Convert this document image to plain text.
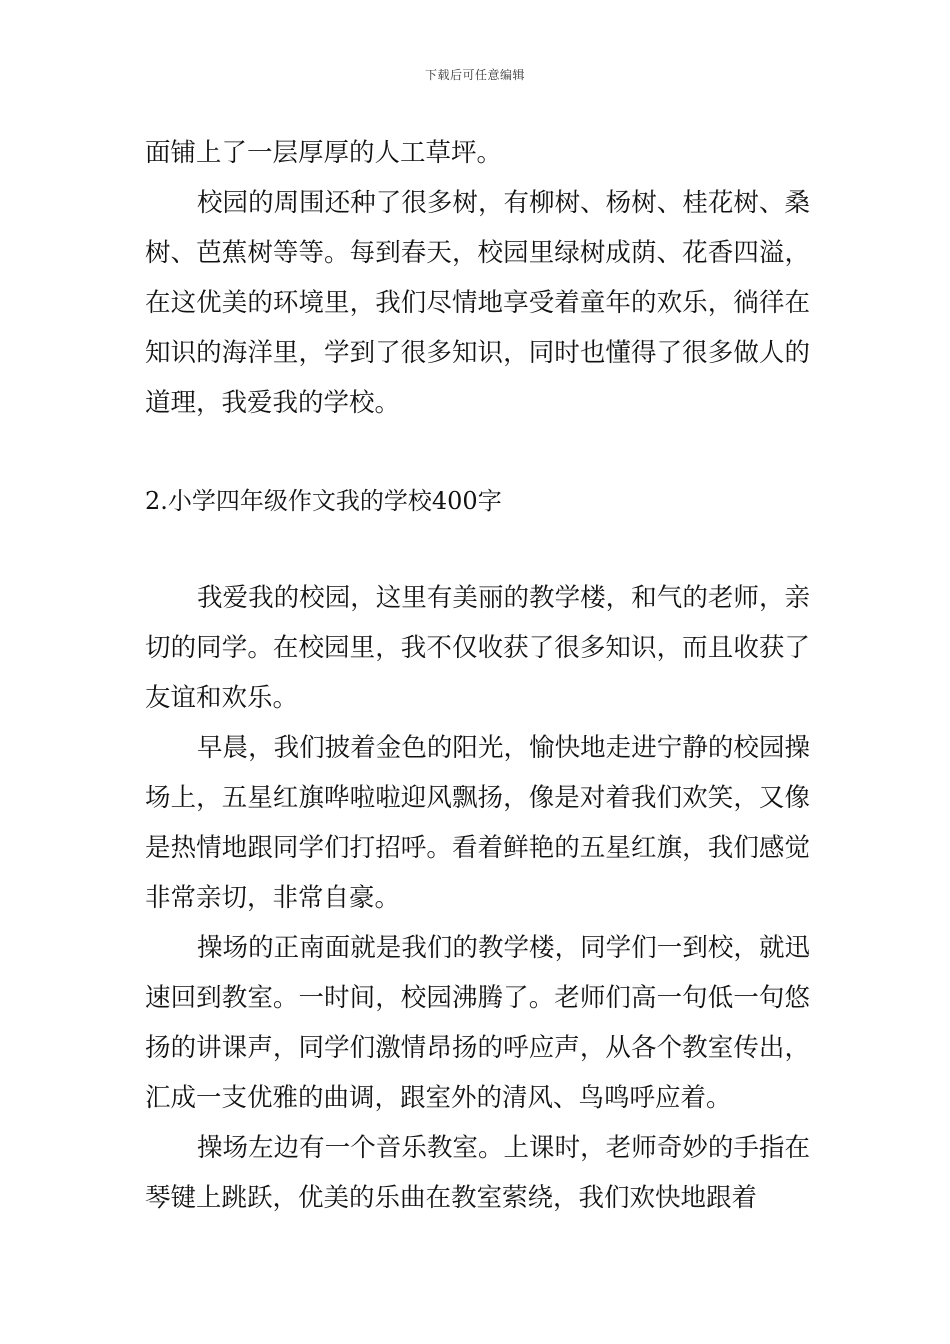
下载后可任意编辑

面铺上了一层厚厚的人工草坪。

校园的周围还种了很多树，有柳树、杨树、桂花树、桑树、芭蕉树等等。每到春天，校园里绿树成荫、花香四溢，在这优美的环境里，我们尽情地享受着童年的欢乐，徜徉在知识的海洋里，学到了很多知识，同时也懂得了很多做人的道理，我爱我的学校。

2.小学四年级作文我的学校400字

我爱我的校园，这里有美丽的教学楼，和气的老师，亲切的同学。在校园里，我不仅收获了很多知识，而且收获了友谊和欢乐。

早晨，我们披着金色的阳光，愉快地走进宁静的校园操场上，五星红旗哗啦啦迎风飘扬，像是对着我们欢笑，又像是热情地跟同学们打招呼。看着鲜艳的五星红旗，我们感觉非常亲切，非常自豪。

操场的正南面就是我们的教学楼，同学们一到校，就迅速回到教室。一时间，校园沸腾了。老师们高一句低一句悠扬的讲课声，同学们激情昂扬的呼应声，从各个教室传出，汇成一支优雅的曲调，跟室外的清风、鸟鸣呼应着。

操场左边有一个音乐教室。上课时，老师奇妙的手指在琴键上跳跃，优美的乐曲在教室萦绕，我们欢快地跟着
